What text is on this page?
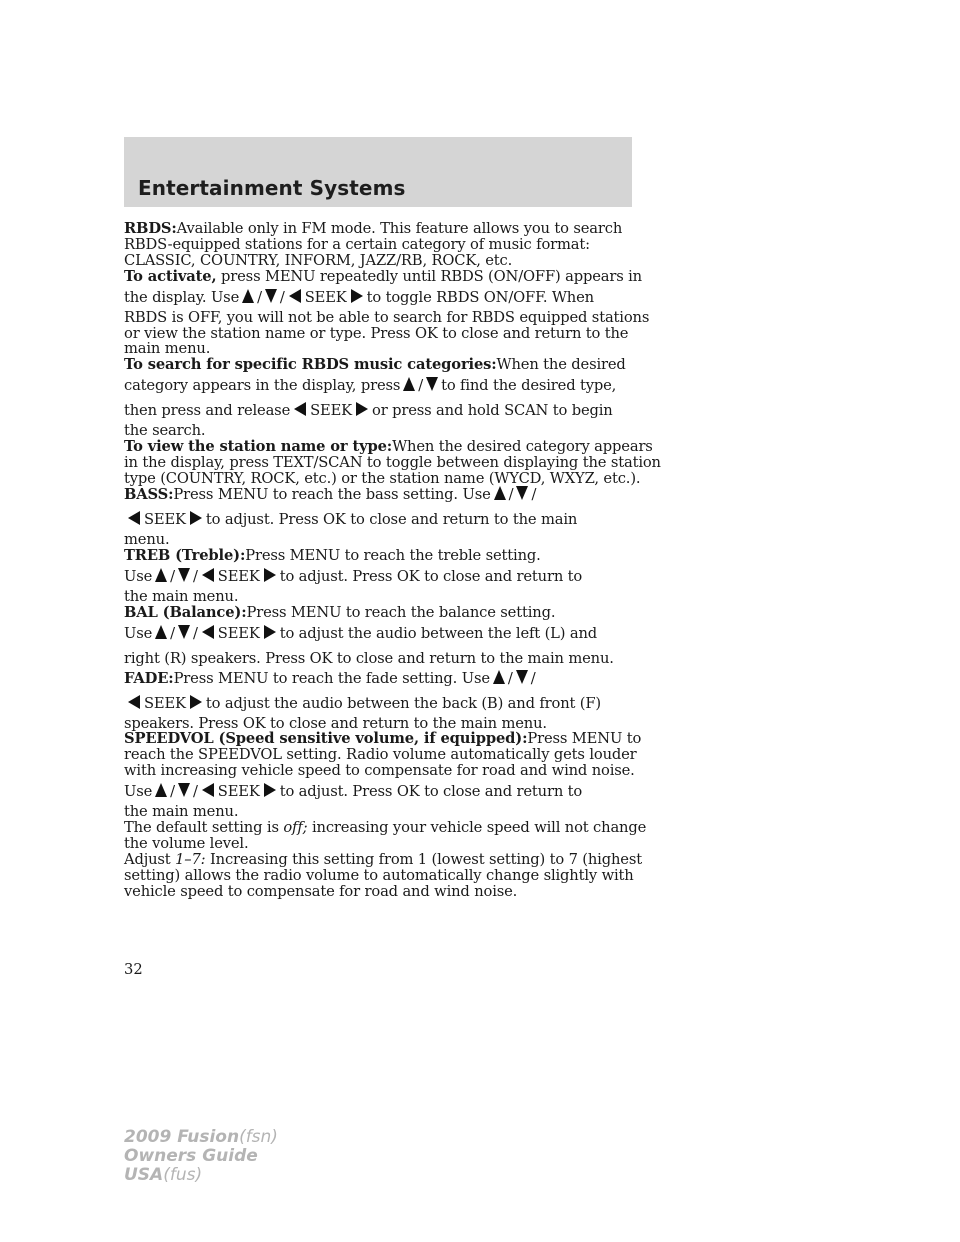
Entertainment Systems

RBDS:Available only in FM mode. This feature allows you to search
RBDS-equipped stations for a certain category of music format:
CLASSIC, COUNTRY, INFORM, JAZZ/RB, ROCK, etc.

To activate, press MENU repeatedly until RBDS (ON/OFF) appears in
the display. Use / / SEEK to toggle RBDS ON/OFF. When
RBDS is OFF, you will not be able to search for RBDS equipped stations
or view the station name or type. Press OK to close and return to the
main menu.

To search for specific RBDS music categories:When the desired
category appears in the display, press / to find the desired type,
then press and release SEEK or press and hold SCAN to begin
the search.

To view the station name or type:When the desired category appears
in the display, press TEXT/SCAN to toggle between displaying the station
type (COUNTRY, ROCK, etc.) or the station name (WYCD, WXYZ, etc.).

BASS:Press MENU to reach the bass setting. Use / /
SEEK to adjust. Press OK to close and return to the main
menu.

TREB (Treble):Press MENU to reach the treble setting.
Use / / SEEK to adjust. Press OK to close and return to
the main menu.

BAL (Balance):Press MENU to reach the balance setting.
Use / / SEEK to adjust the audio between the left (L) and
right (R) speakers. Press OK to close and return to the main menu.

FADE:Press MENU to reach the fade setting. Use / /
SEEK to adjust the audio between the back (B) and front (F)
speakers. Press OK to close and return to the main menu.

SPEEDVOL (Speed sensitive volume, if equipped):Press MENU to
reach the SPEEDVOL setting. Radio volume automatically gets louder
with increasing vehicle speed to compensate for road and wind noise.
Use / / SEEK to adjust. Press OK to close and return to
the main menu.

The default setting is off; increasing your vehicle speed will not change
the volume level.

Adjust 1–7: Increasing this setting from 1 (lowest setting) to 7 (highest
setting) allows the radio volume to automatically change slightly with
vehicle speed to compensate for road and wind noise.

32
2009 Fusion(fsn)
Owners Guide
USA(fus)
